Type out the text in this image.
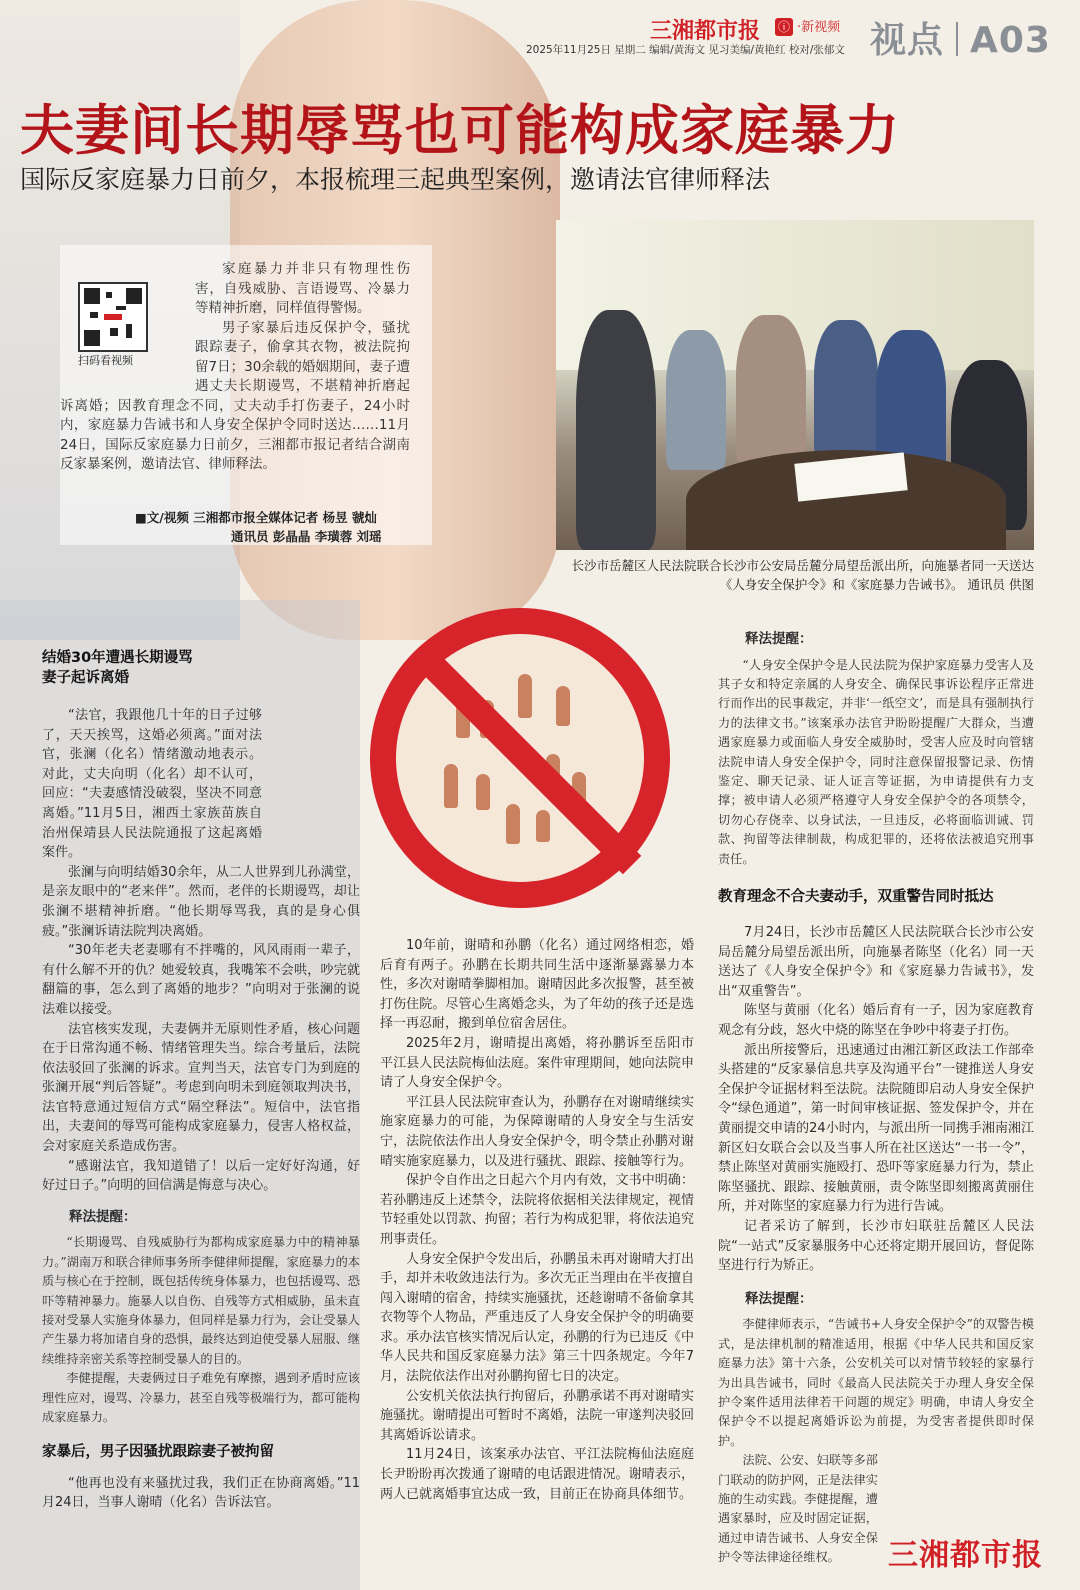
三湘都市报 ⓘ ·新视频 视点 A03
2025年11月25日 星期二 编辑/黄海文 见习美编/黄艳红 校对/张郁文
夫妻间长期辱骂也可能构成家庭暴力
国际反家庭暴力日前夕，本报梳理三起典型案例，邀请法官律师释法

家庭暴力并非只有物理性伤害，自残威胁、言语谩骂、冷暴力等精神折磨，同样值得警惕。

男子家暴后违反保护令，骚扰跟踪妻子，偷拿其衣物，被法院拘留7日；30余载的婚姻期间，妻子遭遇丈夫长期谩骂，不堪精神折磨起诉离婚；因教育理念不同，丈夫动手打伤妻子，24小时内，家庭暴力告诫书和人身安全保护令同时送达……11月24日，国际反家庭暴力日前夕，三湘都市报记者结合湖南反家暴案例，邀请法官、律师释法。

扫码看视频
■文/视频 三湘都市报全媒体记者 杨昱 虢灿
通讯员 彭晶晶 李璜蓉 刘瑶
长沙市岳麓区人民法院联合长沙市公安局岳麓分局望岳派出所，向施暴者同一天送达《人身安全保护令》和《家庭暴力告诫书》。 通讯员 供图
结婚30年遭遇长期谩骂
妻子起诉离婚

“法官，我跟他几十年的日子过够了，天天挨骂，这婚必须离。”面对法官，张澜（化名）情绪激动地表示。对此，丈夫向明（化名）却不认可，回应：“夫妻感情没破裂，坚决不同意离婚。”11月5日，湘西土家族苗族自治州保靖县人民法院通报了这起离婚案件。

张澜与向明结婚30余年，从二人世界到儿孙满堂，是亲友眼中的“老来伴”。然而，老伴的长期谩骂，却让张澜不堪精神折磨。“他长期辱骂我，真的是身心俱疲。”张澜诉请法院判决离婚。

“30年老夫老妻哪有不拌嘴的，风风雨雨一辈子，有什么解不开的仇？她爱较真，我嘴笨不会哄，吵完就翻篇的事，怎么到了离婚的地步？”向明对于张澜的说法难以接受。

法官核实发现，夫妻俩并无原则性矛盾，核心问题在于日常沟通不畅、情绪管理失当。综合考量后，法院依法驳回了张澜的诉求。宣判当天，法官专门为到庭的张澜开展“判后答疑”。考虑到向明未到庭领取判决书，法官特意通过短信方式“隔空释法”。短信中，法官指出，夫妻间的辱骂可能构成家庭暴力，侵害人格权益，会对家庭关系造成伤害。

“感谢法官，我知道错了！以后一定好好沟通，好好过日子。”向明的回信满是悔意与决心。

释法提醒：

“长期谩骂、自残威胁行为都构成家庭暴力中的精神暴力。”湖南万和联合律师事务所李健律师提醒，家庭暴力的本质与核心在于控制，既包括传统身体暴力，也包括谩骂、恐吓等精神暴力。施暴人以自伤、自残等方式相威胁，虽未直接对受暴人实施身体暴力，但同样是暴力行为，会让受暴人产生暴力将加诸自身的恐惧，最终达到迫使受暴人屈服、继续维持亲密关系等控制受暴人的目的。

李健提醒，夫妻俩过日子难免有摩擦，遇到矛盾时应该理性应对，谩骂、冷暴力，甚至自残等极端行为，都可能构成家庭暴力。

家暴后，男子因骚扰跟踪妻子被拘留

“他再也没有来骚扰过我，我们正在协商离婚。”11月24日，当事人谢晴（化名）告诉法官。

10年前，谢晴和孙鹏（化名）通过网络相恋，婚后育有两子。孙鹏在长期共同生活中逐渐暴露暴力本性，多次对谢晴拳脚相加。谢晴因此多次报警，甚至被打伤住院。尽管心生离婚念头，为了年幼的孩子还是选择一再忍耐，搬到单位宿舍居住。

2025年2月，谢晴提出离婚，将孙鹏诉至岳阳市平江县人民法院梅仙法庭。案件审理期间，她向法院申请了人身安全保护令。

平江县人民法院审查认为，孙鹏存在对谢晴继续实施家庭暴力的可能，为保障谢晴的人身安全与生活安宁，法院依法作出人身安全保护令，明令禁止孙鹏对谢晴实施家庭暴力，以及进行骚扰、跟踪、接触等行为。

保护令自作出之日起六个月内有效，文书中明确：若孙鹏违反上述禁令，法院将依据相关法律规定，视情节轻重处以罚款、拘留；若行为构成犯罪，将依法追究刑事责任。

人身安全保护令发出后，孙鹏虽未再对谢晴大打出手，却并未收敛违法行为。多次无正当理由在半夜擅自闯入谢晴的宿舍，持续实施骚扰，还趁谢晴不备偷拿其衣物等个人物品，严重违反了人身安全保护令的明确要求。承办法官核实情况后认定，孙鹏的行为已违反《中华人民共和国反家庭暴力法》第三十四条规定。今年7月，法院依法作出对孙鹏拘留七日的决定。

公安机关依法执行拘留后，孙鹏承诺不再对谢晴实施骚扰。谢晴提出可暂时不离婚，法院一审遂判决驳回其离婚诉讼请求。

11月24日，该案承办法官、平江法院梅仙法庭庭长尹盼盼再次拨通了谢晴的电话跟进情况。谢晴表示，两人已就离婚事宜达成一致，目前正在协商具体细节。

释法提醒：

“人身安全保护令是人民法院为保护家庭暴力受害人及其子女和特定亲属的人身安全、确保民事诉讼程序正常进行而作出的民事裁定，并非‘一纸空文’，而是具有强制执行力的法律文书。”该案承办法官尹盼盼提醒广大群众，当遭遇家庭暴力或面临人身安全威胁时，受害人应及时向管辖法院申请人身安全保护令，同时注意保留报警记录、伤情鉴定、聊天记录、证人证言等证据，为申请提供有力支撑；被申请人必须严格遵守人身安全保护令的各项禁令，切勿心存侥幸、以身试法，一旦违反，必将面临训诫、罚款、拘留等法律制裁，构成犯罪的，还将依法被追究刑事责任。

教育理念不合夫妻动手，双重警告同时抵达

7月24日，长沙市岳麓区人民法院联合长沙市公安局岳麓分局望岳派出所，向施暴者陈坚（化名）同一天送达了《人身安全保护令》和《家庭暴力告诫书》，发出“双重警告”。

陈坚与黄丽（化名）婚后育有一子，因为家庭教育观念有分歧，怒火中烧的陈坚在争吵中将妻子打伤。

派出所接警后，迅速通过由湘江新区政法工作部牵头搭建的“反家暴信息共享及沟通平台”一键推送人身安全保护令证据材料至法院。法院随即启动人身安全保护令“绿色通道”，第一时间审核证据、签发保护令，并在黄丽提交申请的24小时内，与派出所一同携手湘南湘江新区妇女联合会以及当事人所在社区送达“一书一令”，禁止陈坚对黄丽实施殴打、恐吓等家庭暴力行为，禁止陈坚骚扰、跟踪、接触黄丽，责令陈坚即刻搬离黄丽住所，并对陈坚的家庭暴力行为进行告诫。

记者采访了解到，长沙市妇联驻岳麓区人民法院“一站式”反家暴服务中心还将定期开展回访，督促陈坚进行行为矫正。

释法提醒：

李健律师表示，“告诫书+人身安全保护令”的双警告模式，是法律机制的精准适用，根据《中华人民共和国反家庭暴力法》第十六条，公安机关可以对情节较轻的家暴行为出具告诫书，同时《最高人民法院关于办理人身安全保护令案件适用法律若干问题的规定》明确，申请人身安全保护令不以提起离婚诉讼为前提，为受害者提供即时保护。

法院、公安、妇联等多部门联动的防护网，正是法律实施的生动实践。李健提醒，遭遇家暴时，应及时固定证据，通过申请告诫书、人身安全保护令等法律途径维权。	三湘都市报
